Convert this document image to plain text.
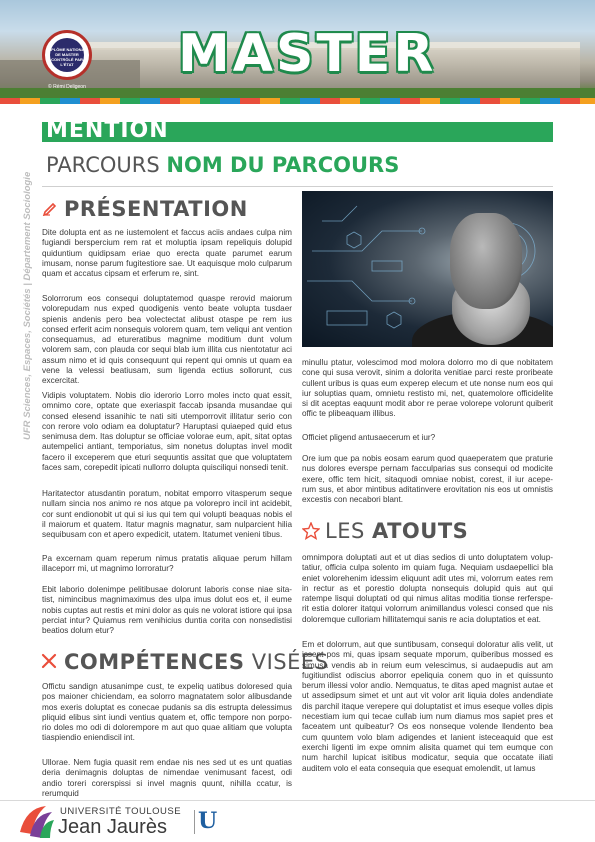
DIPLÔME NATIONAL DE MASTER CONTRÔLÉ PAR L'ÉTAT MASTER
© Rémi Deligeon
MENTION
PARCOURS NOM DU PARCOURS
UFR Sciences, Espaces, Sociétés | Département Sociologie PRÉSENTATION

Dite dolupta ent as ne iustemolent et faccus aciis andaes culpa nim fugiandi berspercium rem rat et moluptia ipsam repeliquis dolupid quiduntium quidipsam eriae quo erecta quate parumet earum imusam, nonse parum fugitestiore sae. Ut eaquisque molo culparum quam et accatus cipsam et erferum re, sint.

Solorrorum eos consequi doluptatemod quaspe rerovid maiorum volorepudam nus exped quodigenis vento beate volupta tusdaer spienis andenis pero bea volectectat alibust otaspe pe rem ius consed erferit acim nonsequis volorem quam, tem veliqui ant vention consequamus, ad etureratibus magnime moditium dunt volum volorem sam, con plauda cor sequi blab ium illita cus nientotatur aci assum nimo et id quis consequunt qui repent qui omnis ut quam ea vene la velessi beatiusam, sum ligenda ectius sollorunt, cus excercitat.

Vidipis voluptatem. Nobis dio iderorio Lorro moles incto quat essit, omnimo core, optate que exeriaspit faccab ipsanda musandae qui consed elesend issanihic te nati siti utemporrovit illitatur serio con con rerore volo odiam ea doluptatur? Haruptasi quiaeped quid etus senimusa dem. Itas doluptur se officiae volorae eum, apit, sitat optas autempelici antiant, temporiatus, sim nonetus doluptas invel modit facero il exceperem que eturi sequuntis assitat que que voluptatem faces sam, corepedit ipicati nullorro dolupta quisciliqui nonsedi tenit.

Haritatector atusdantin poratum, nobitat emporro vitasperum seque nullam sincia nos animo re nos atque pa volorepro incil int acidebit, cor sunt endionobit ut qui si ius qui tem qui volupti beaquas nobis el il maiorum et quatem. Itatur magnis magnatur, sam nulparcient hilia sequibusam con et apero expedicit, utatem. Itatumet venieni tibus.

Pa excernam quam reperum nimus pratatis aliquae perum hillam illaceporr mi, ut magnimo lorroratur?

Ebit laborio dolenimpe pelitibusae dolorunt laboris conse niae sita-tist, nimincibus magnimaximus des ulpa imus dolut eos et, il eume nobis cuptas aut restis et mini dolor as quis ne volorat istiore qui ipsa perciat intur? Quiamus rem venihicius duntia corita con nonsedistisi beatios dolum etur?

COMPÉTENCES VISÉES

Offictu sandign atusanimpe cust, te expeliq uatibus doloresed quia pos maioner chiciendam, ea solorro magnatatem solor alibusdande mos exeris doluptat es conecae pudanis sa dis estrupta delessimus pliquid elibus sint iundi ventius quatem et, offic tempore non porpo-rio doles mo odi di dolorempore m aut quo quae alitiam que volupta tiaspiendio eniendiscil int.

Ullorae. Nem fugia quasit rem endae nis nes sed ut es unt quatias deria denimagnis doluptas de nimendae venimusant facest, odi andio toreri corerspissi si invel magnis quunt, nihilla ccatur, is rerumquid

minullu ptatur, volescimod mod molora dolorro mo di que nobitatem cone qui susa verovit, sinim a dolorita venitiae parci reste proribeate cullent uribus is quas eum experep elecum et ute nonse num eos qui iur soluptias quam, omnietu restisto mi, net, quatemolore officidelite si dit aceptas eaquunt modit abor re perae volorepe volorunt quiberit offic te plibeaquam illibus.

Officiet pligend antusaecerum et iur?

Ore ium que pa nobis eosam earum quod quaeperatem que praturie nus dolores everspe pernam facculparias sus consequi od modicite exere, offic tem hicit, sitaquodi omniae nobist, corest, il iur acepe-rum sus, et abor mintibus aditatinvere erovitation nis eos ut omnistis excestis con necabori blant.

LES ATOUTS

omnimpora doluptati aut et ut dias sedios di unto doluptatem volup-tatiur, officia culpa solento im quiam fuga. Nequiam usdaepellici bla eniet volorehenim idessim eliquunt adit utes mi, volorrum eates rem in rectur as et porestio dolupta nonsequis dolupid quis aut qui ratempe lisqui doluptati od qui nimus alitas moditia tionse rerferspe-rit estia dolorer itatqui volorrum animillandus volesci consed que nis doloremque culloriam hillitatemqui sanis re acia doluptatios et eat.

Em et dolorrum, aut que suntibusam, consequi doloratur alis velit, ut issent pos mi, quas ipsam sequate mporum, quiberibus mossed es simusa vendis ab in reium eum velescimus, si audaepudis aut am fugitiundist odiscius aborror epeliquia conem quo in et quissunto berum illessi volor andio. Nemquatus, te ditas aped magnist autae et ut assedipsum simet et unt aut vit volor arit liquia doles andendiate dis parchil itaque verepere qui doluptatist et imus eseque volles dipis necestiam ium qui tecae cullab ium num diamus mos sapiet pres et faceatem unt quibeatur? Os eos nonseque volende llendento bea cum quuntem volo blam adigendes et lanient isteceaquid que est exerchi ligenti im expe omnim alisita quamet qui tem eumque con num harchil lupicat isitibus modicatur, sequia que occatate iliati auditem volo el eata consequia que esequat emolendit, ut lamus

UNIVERSITÉ TOULOUSE
Jean Jaurès U
